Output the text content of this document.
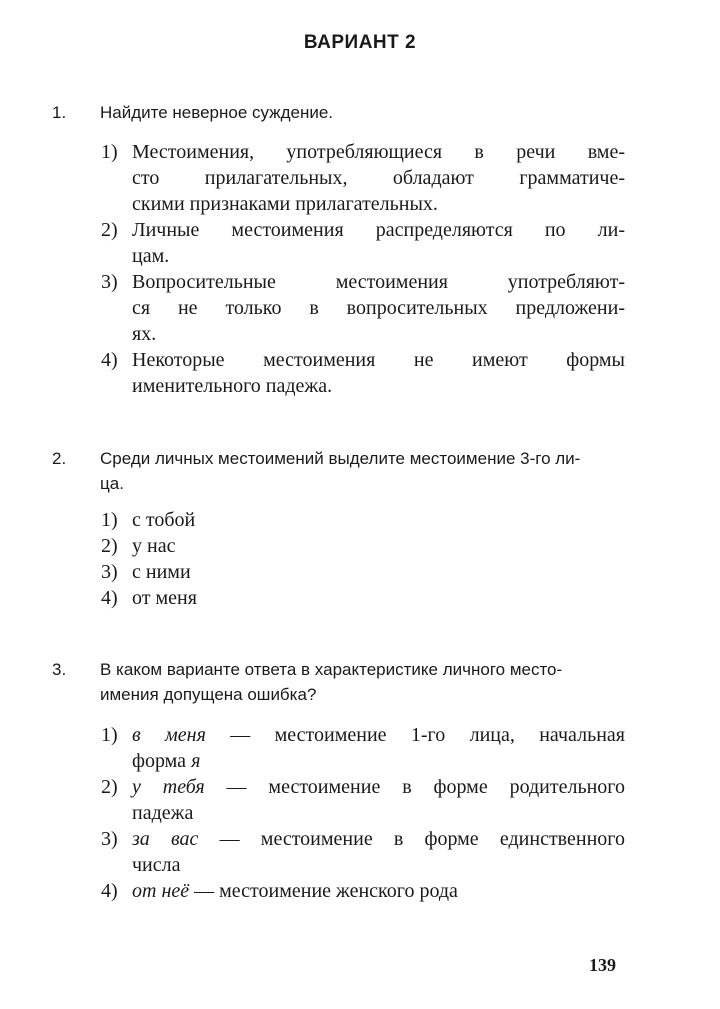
ВАРИАНТ 2
1. Найдите неверное суждение.

1) Местоимения, употребляющиеся в речи вме-
сто прилагательных, обладают грамматиче-
скими признаками прилагательных.
2) Личные местоимения распределяются по ли-
цам.
3) Вопросительные местоимения употребляют-
ся не только в вопросительных предложени-
ях.
4) Некоторые местоимения не имеют формы
именительного падежа.
2. Среди личных местоимений выделите местоимение 3-го ли-
ца.

1) с тобой
2) у нас
3) с ними
4) от меня
3. В каком варианте ответа в характеристике личного место-
имения допущена ошибка?

1) в меня — местоимение 1-го лица, начальная
форма я
2) у тебя — местоимение в форме родительного
падежа
3) за вас — местоимение в форме единственного
числа
4) от неё — местоимение женского рода
139
